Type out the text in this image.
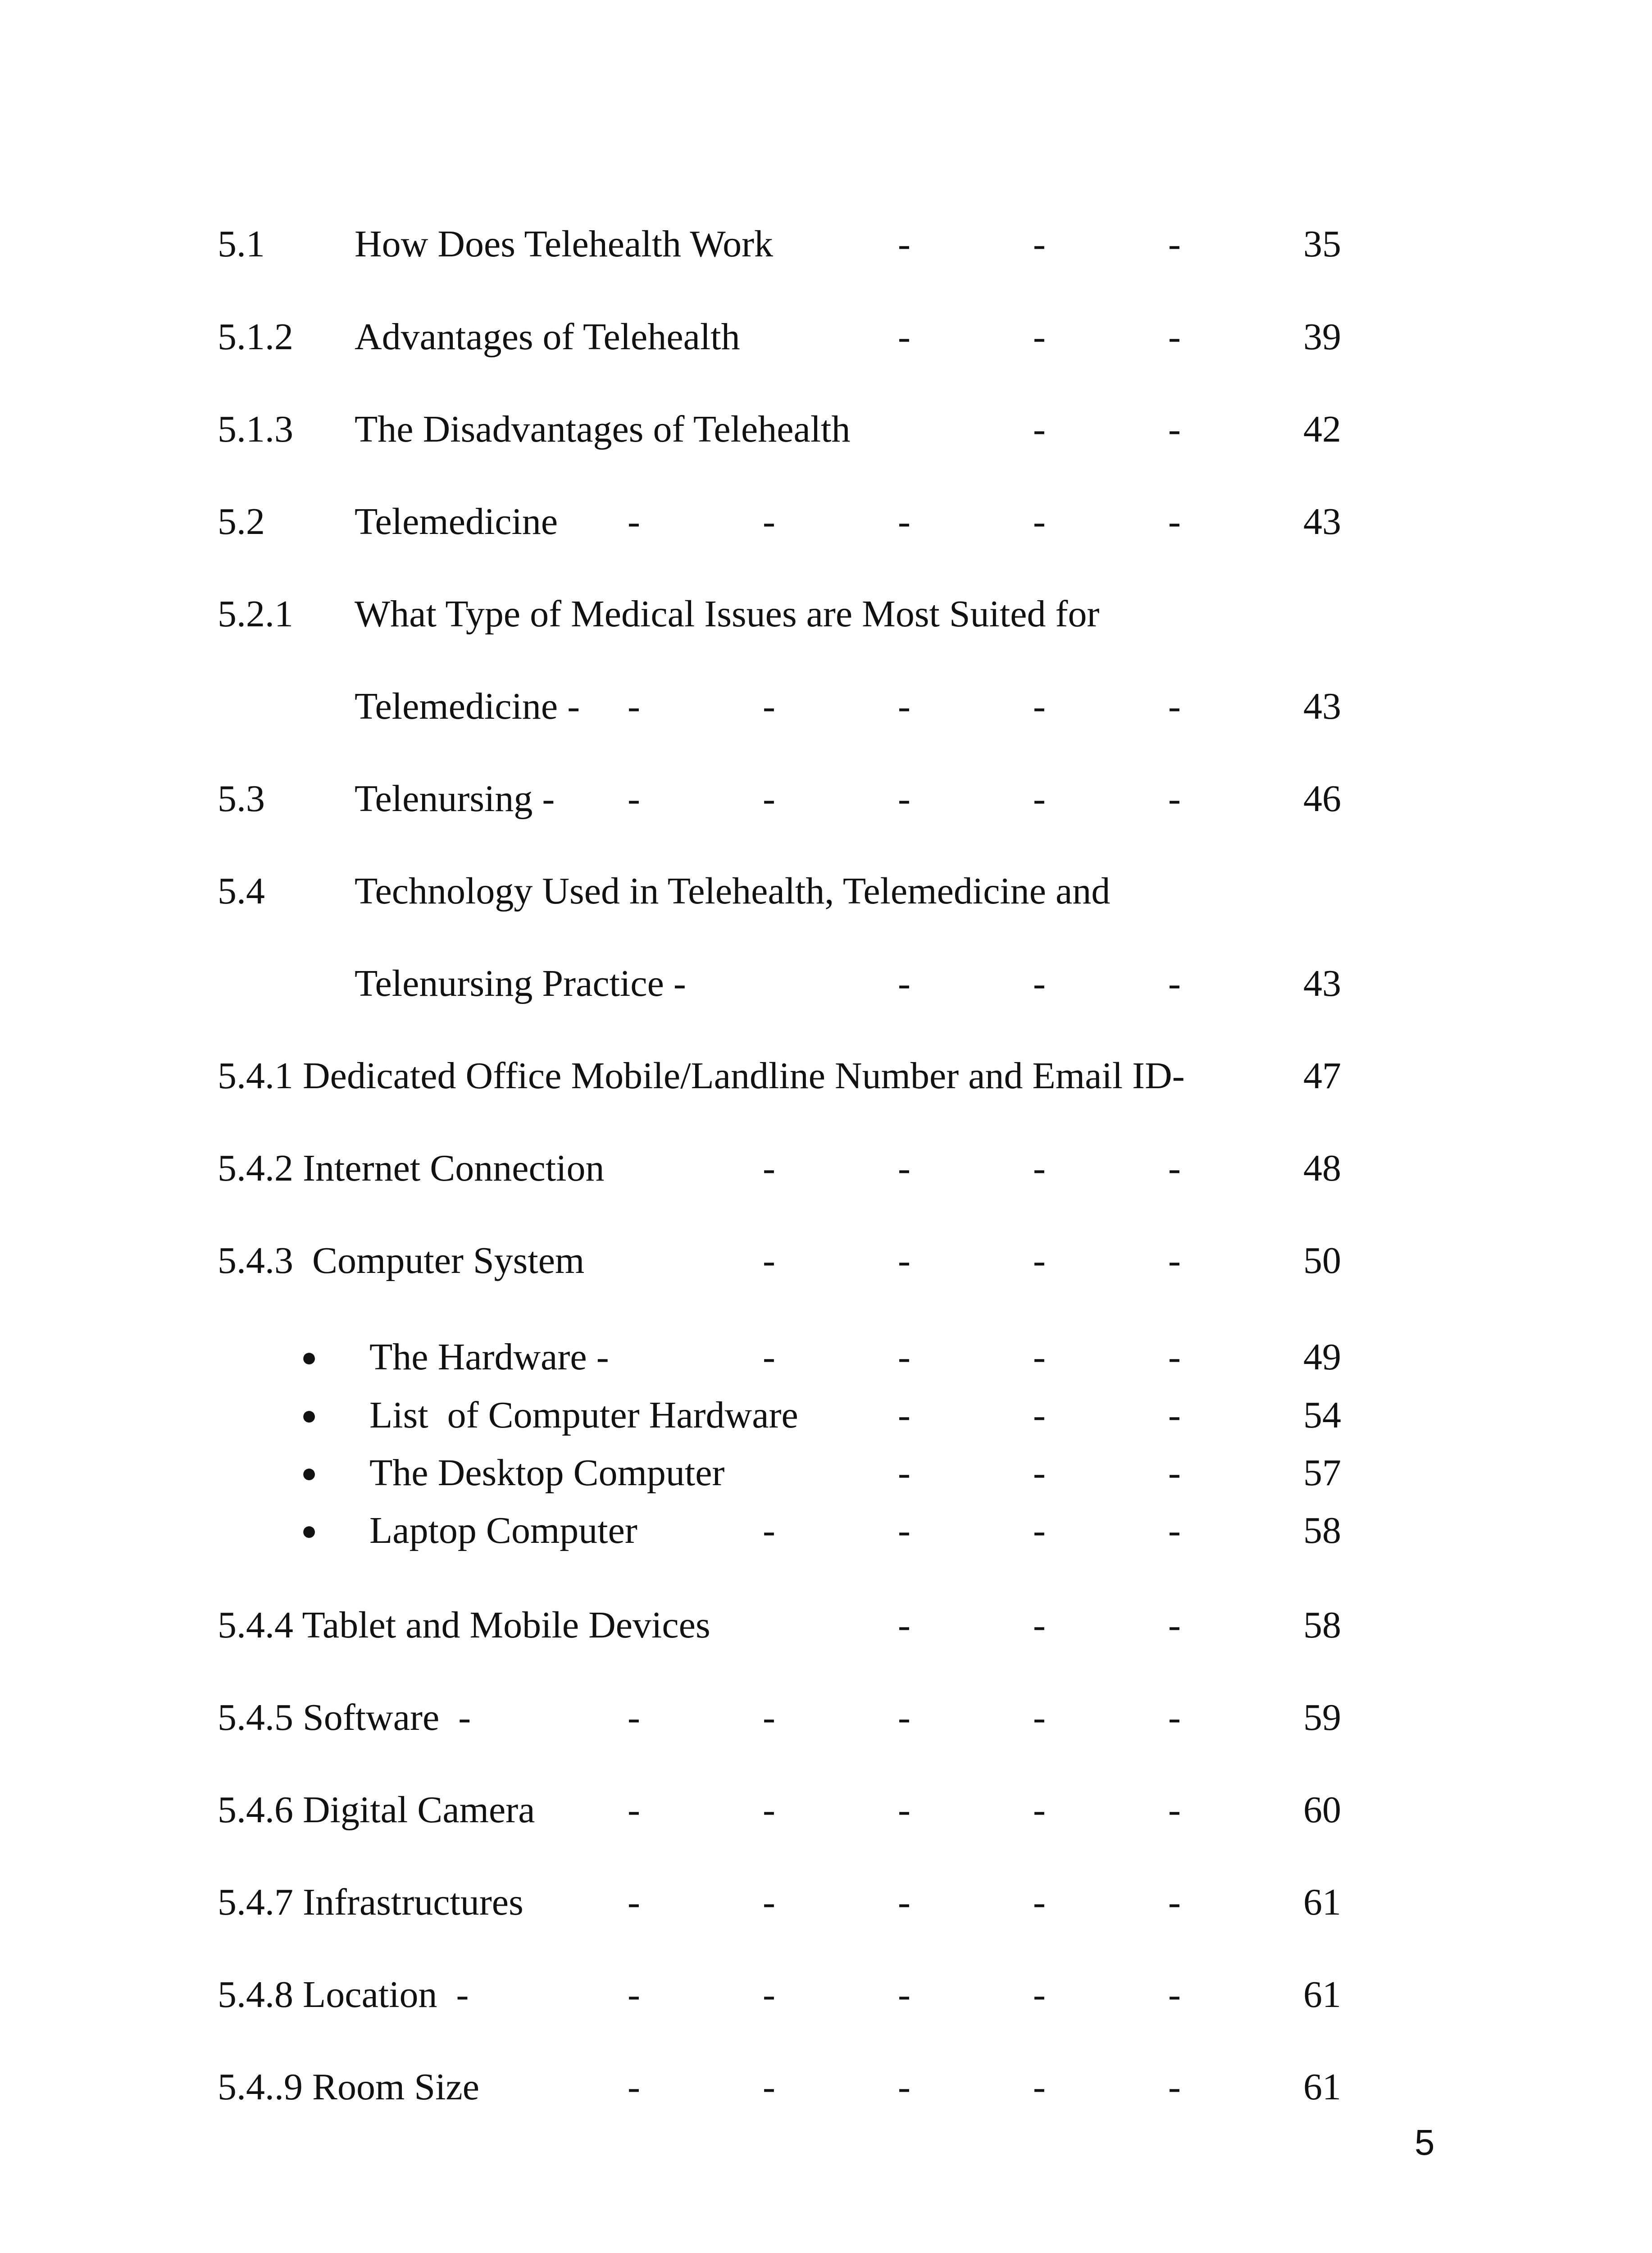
5.1 How Does Telehealth Work	-	-	-	35
5.1.2 Advantages of Telehealth	-	-	-	39
5.1.3 The Disadvantages of Telehealth	-	-	42
5.2 Telemedicine -	-	-	-	-	43
5.2.1 What Type of Medical Issues are Most Suited for
Telemedicine - -	-	-	-	-	43
5.3 Telenursing - -	-	-	-	-	46
5.4 Technology Used in Telehealth, Telemedicine and
Telenursing Practice -	-	-	-	43
5.4.1 Dedicated Office Mobile/Landline Number and Email ID-	47
5.4.2 Internet Connection	-	-	-	-	48
5.4.3  Computer System	-	-	-	-	50
● The Hardware -	-	-	-	-	49
● List  of Computer Hardware	-	-	-	54
● The Desktop Computer	-	-	-	57
● Laptop Computer	-	-	-	-	58
5.4.4 Tablet and Mobile Devices	-	-	-	58
5.4.5 Software  -	-	-	-	-	-	59
5.4.6 Digital Camera -	-	-	-	-	60
5.4.7 Infrastructures	-	-	-	-	-	61
5.4.8 Location  -	-	-	-	-	-	61
5.4..9 Room Size	-	-	-	-	-	61
5
